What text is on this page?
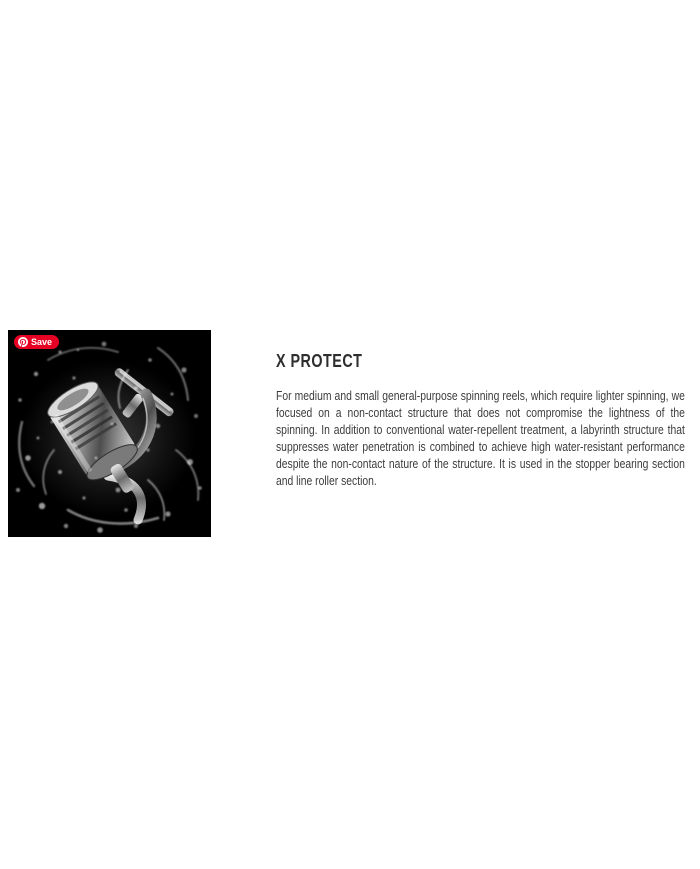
Save
X PROTECT

For medium and small general-purpose spinning reels, which require lighter spinning, we focused on a non-contact structure that does not compromise the lightness of the spinning. In addition to conventional water-repellent treatment, a labyrinth structure that suppresses water penetration is combined to achieve high water-resistant performance despite the non-contact nature of the structure. It is used in the stopper bearing section and line roller section.
